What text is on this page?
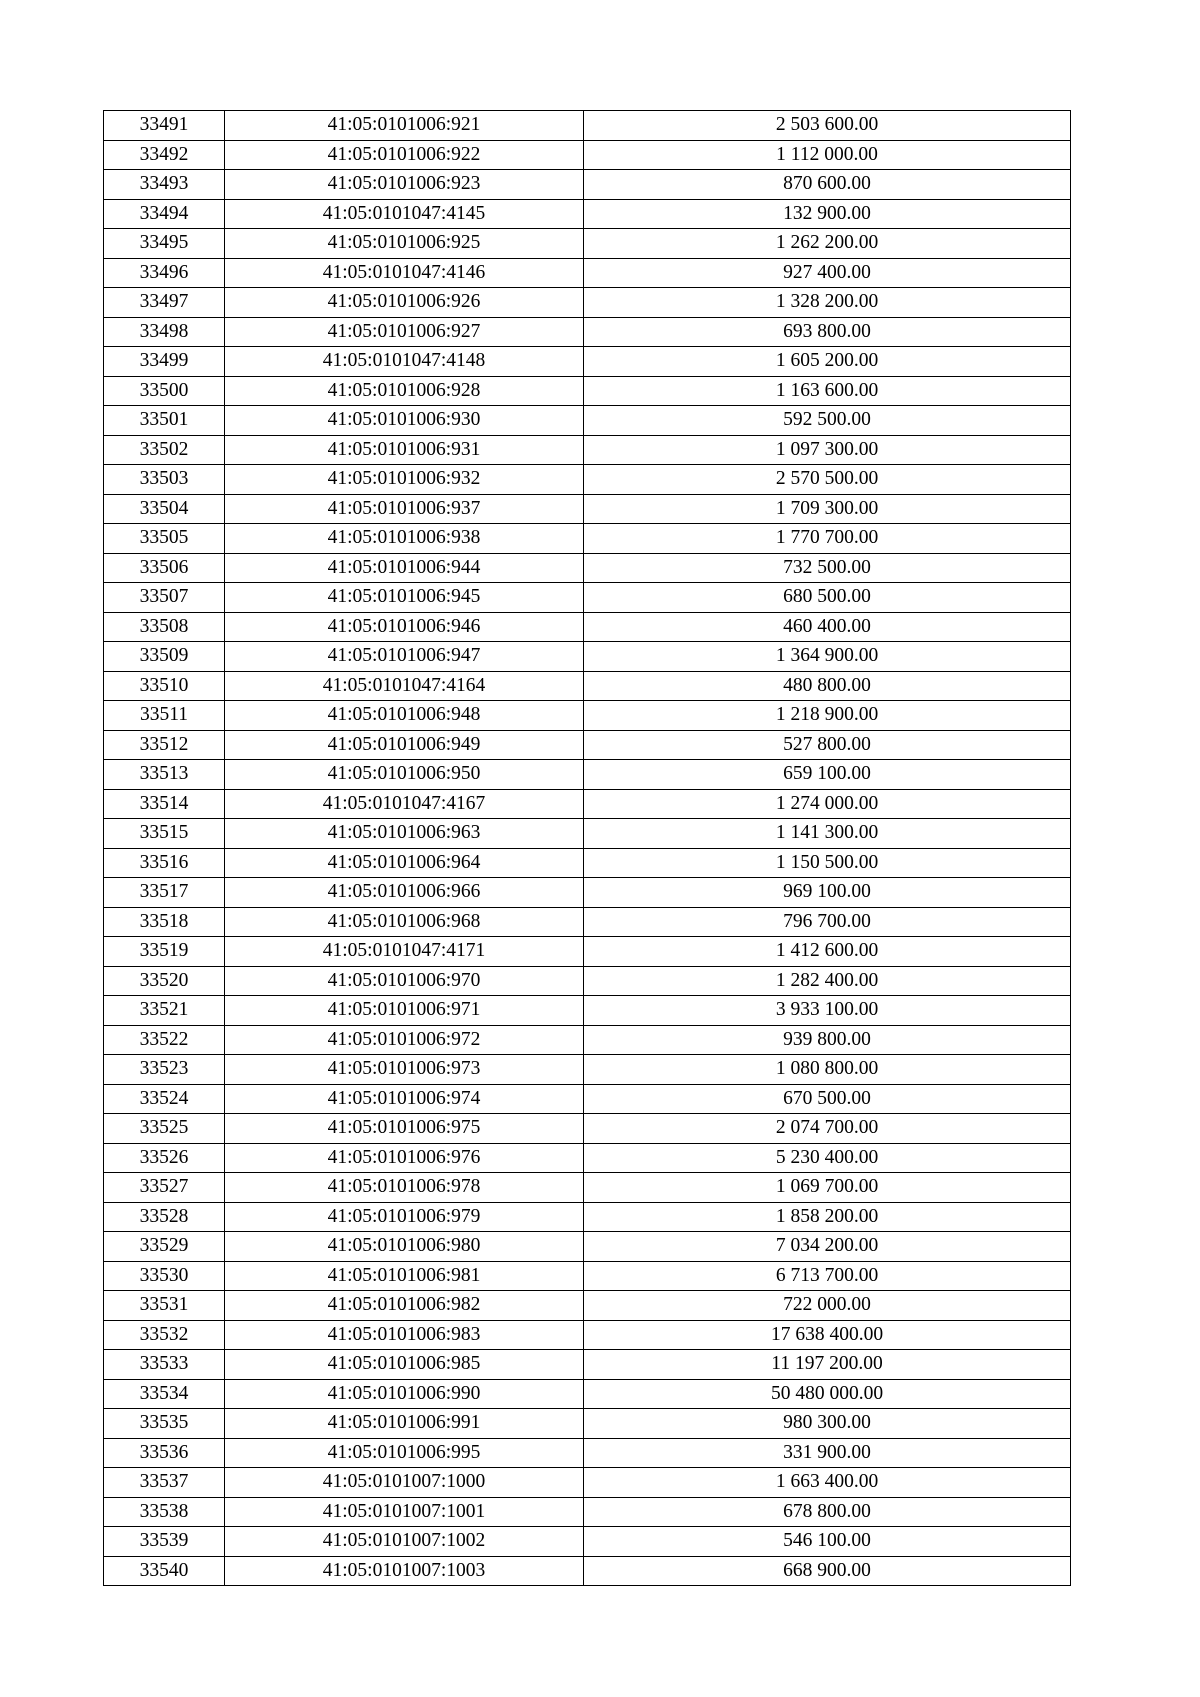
33491	41:05:0101006:921	2 503 600.00
33492	41:05:0101006:922	1 112 000.00
33493	41:05:0101006:923	870 600.00
33494	41:05:0101047:4145	132 900.00
33495	41:05:0101006:925	1 262 200.00
33496	41:05:0101047:4146	927 400.00
33497	41:05:0101006:926	1 328 200.00
33498	41:05:0101006:927	693 800.00
33499	41:05:0101047:4148	1 605 200.00
33500	41:05:0101006:928	1 163 600.00
33501	41:05:0101006:930	592 500.00
33502	41:05:0101006:931	1 097 300.00
33503	41:05:0101006:932	2 570 500.00
33504	41:05:0101006:937	1 709 300.00
33505	41:05:0101006:938	1 770 700.00
33506	41:05:0101006:944	732 500.00
33507	41:05:0101006:945	680 500.00
33508	41:05:0101006:946	460 400.00
33509	41:05:0101006:947	1 364 900.00
33510	41:05:0101047:4164	480 800.00
33511	41:05:0101006:948	1 218 900.00
33512	41:05:0101006:949	527 800.00
33513	41:05:0101006:950	659 100.00
33514	41:05:0101047:4167	1 274 000.00
33515	41:05:0101006:963	1 141 300.00
33516	41:05:0101006:964	1 150 500.00
33517	41:05:0101006:966	969 100.00
33518	41:05:0101006:968	796 700.00
33519	41:05:0101047:4171	1 412 600.00
33520	41:05:0101006:970	1 282 400.00
33521	41:05:0101006:971	3 933 100.00
33522	41:05:0101006:972	939 800.00
33523	41:05:0101006:973	1 080 800.00
33524	41:05:0101006:974	670 500.00
33525	41:05:0101006:975	2 074 700.00
33526	41:05:0101006:976	5 230 400.00
33527	41:05:0101006:978	1 069 700.00
33528	41:05:0101006:979	1 858 200.00
33529	41:05:0101006:980	7 034 200.00
33530	41:05:0101006:981	6 713 700.00
33531	41:05:0101006:982	722 000.00
33532	41:05:0101006:983	17 638 400.00
33533	41:05:0101006:985	11 197 200.00
33534	41:05:0101006:990	50 480 000.00
33535	41:05:0101006:991	980 300.00
33536	41:05:0101006:995	331 900.00
33537	41:05:0101007:1000	1 663 400.00
33538	41:05:0101007:1001	678 800.00
33539	41:05:0101007:1002	546 100.00
33540	41:05:0101007:1003	668 900.00
